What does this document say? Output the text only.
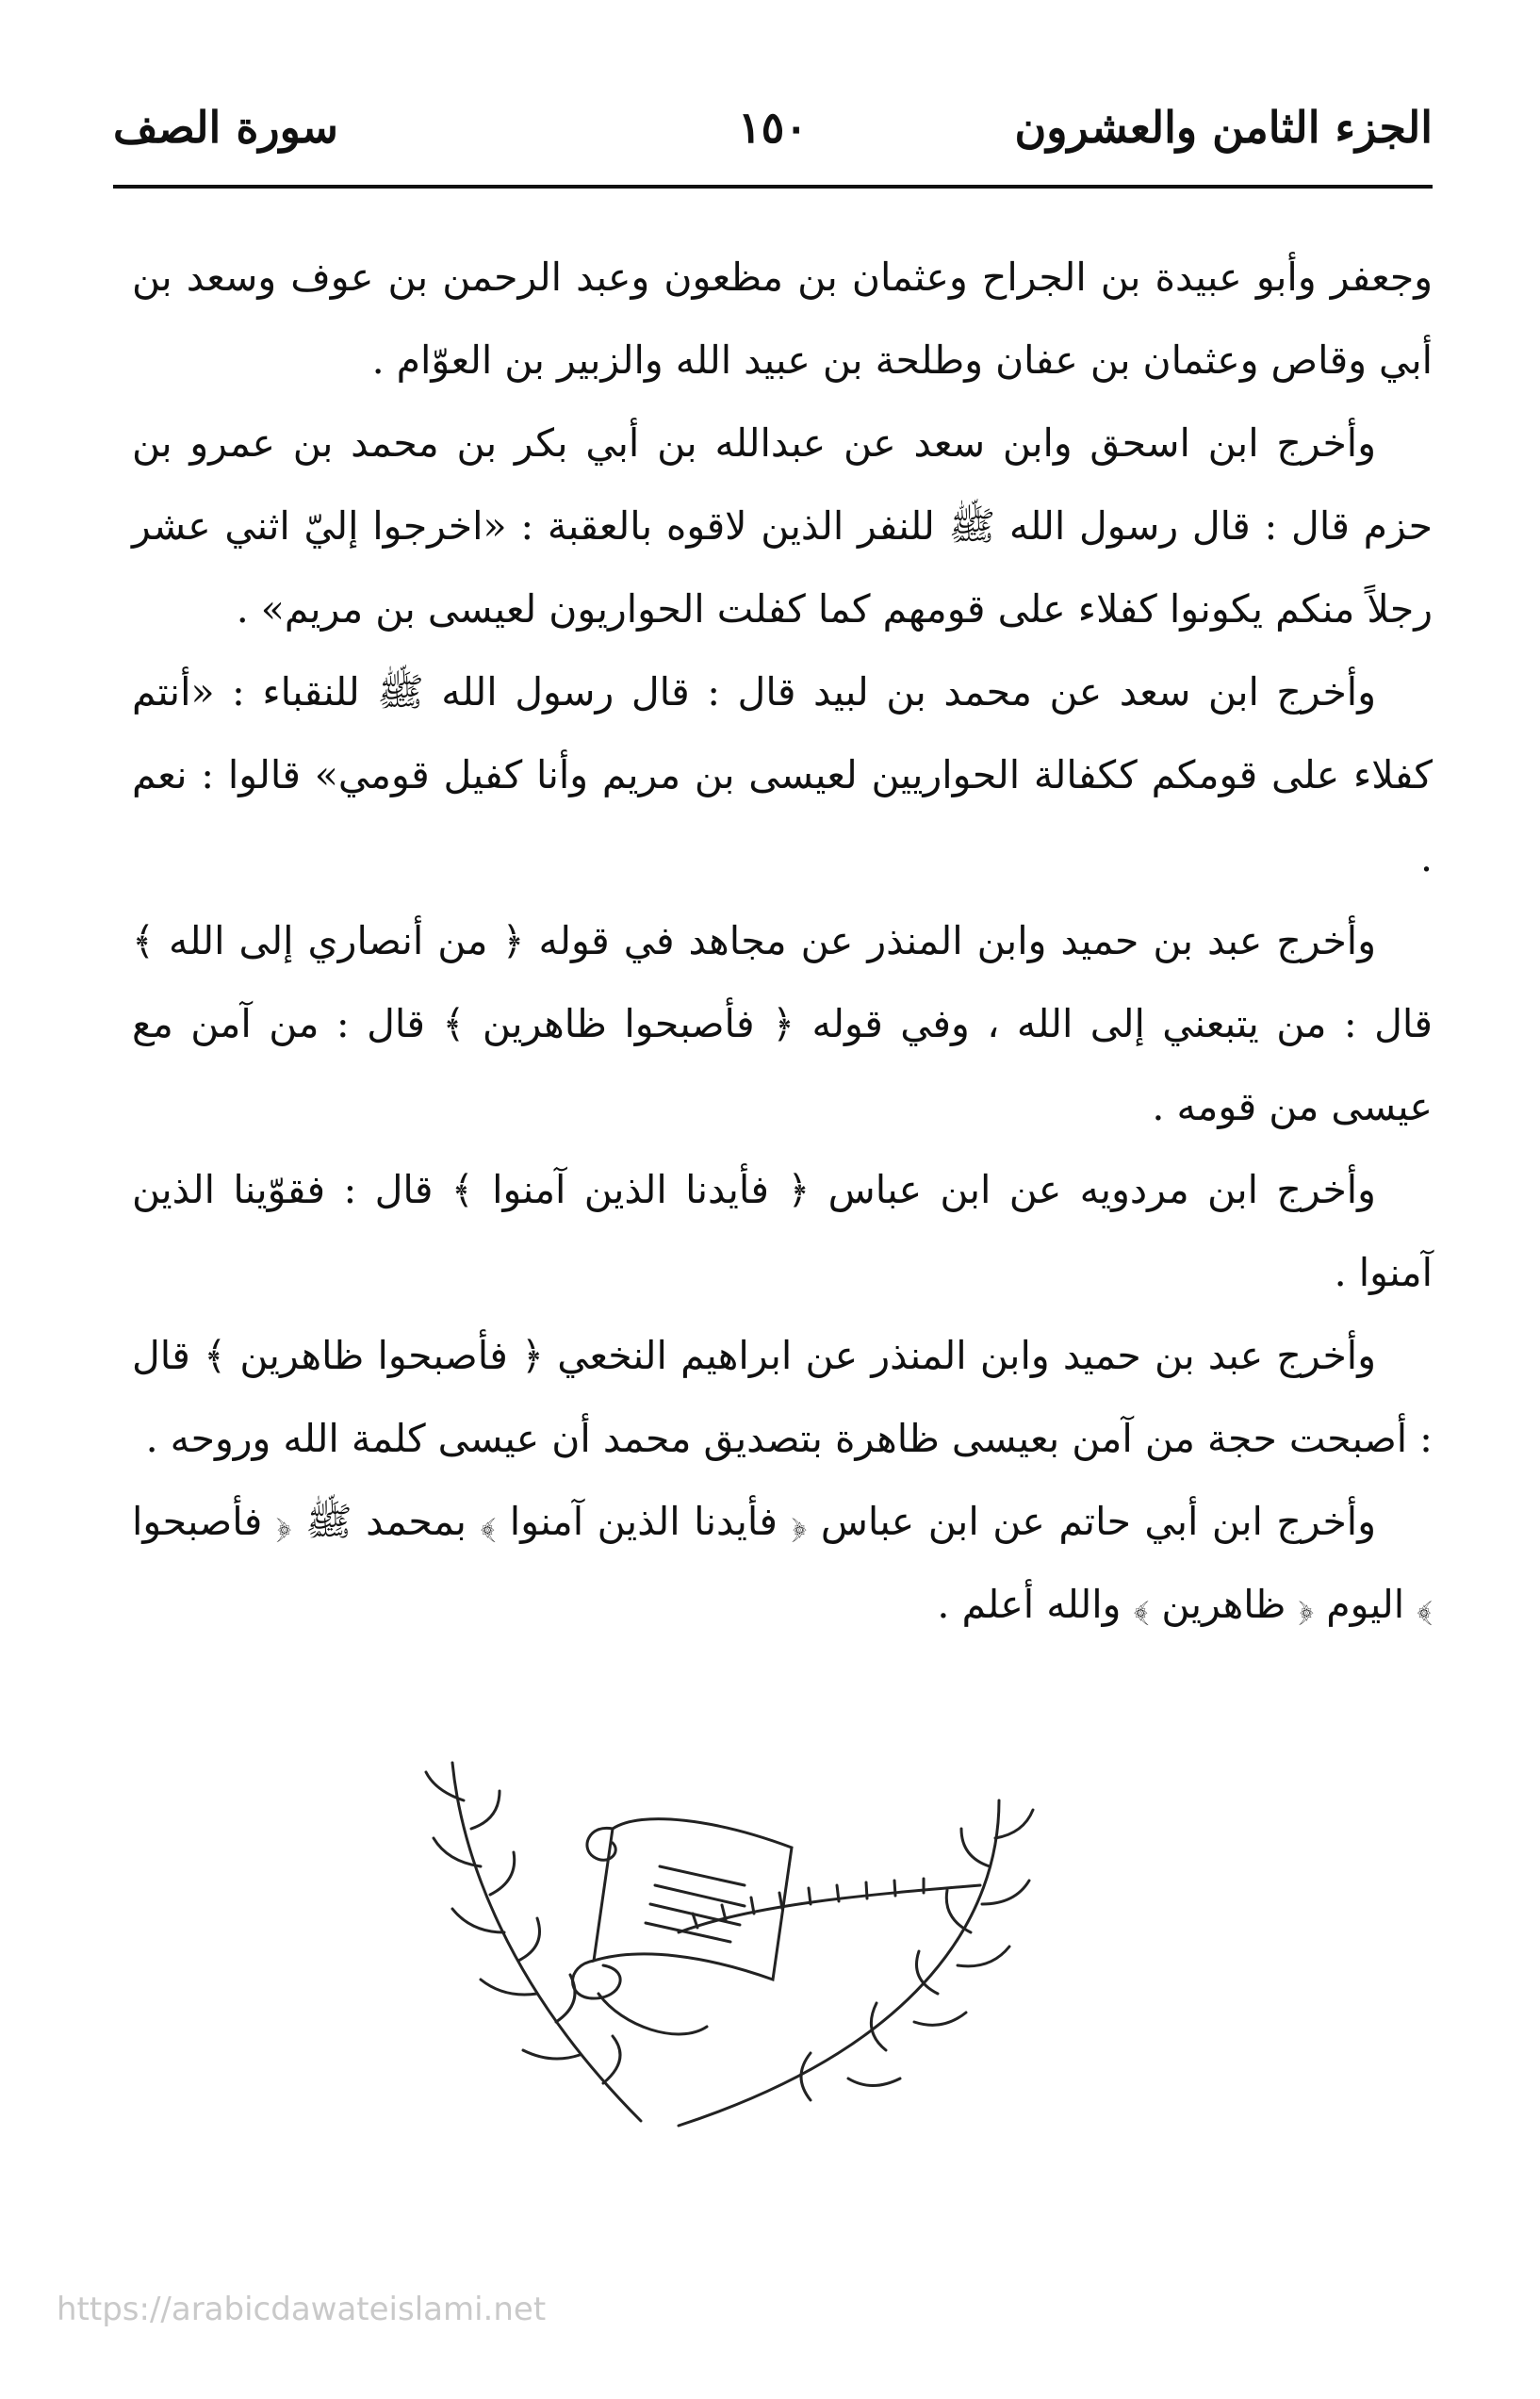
الجزء الثامن والعشرون
١٥٠
سورة الصف

وجعفر وأبو عبيدة بن الجراح وعثمان بن مظعون وعبد الرحمن بن عوف وسعد بن أبي وقاص وعثمان بن عفان وطلحة بن عبيد الله والزبير بن العوّام .

وأخرج ابن اسحق وابن سعد عن عبدالله بن أبي بكر بن محمد بن عمرو بن حزم قال : قال رسول الله ﷺ للنفر الذين لاقوه بالعقبة : «اخرجوا إليّ اثني عشر رجلاً منكم يكونوا كفلاء على قومهم كما كفلت الحواريون لعيسى بن مريم» .

وأخرج ابن سعد عن محمد بن لبيد قال : قال رسول الله ﷺ للنقباء : «أنتم كفلاء على قومكم ككفالة الحواريين لعيسى بن مريم وأنا كفيل قومي» قالوا : نعم .

وأخرج عبد بن حميد وابن المنذر عن مجاهد في قوله ﴿ من أنصاري إلى الله ﴾ قال : من يتبعني إلى الله ، وفي قوله ﴿ فأصبحوا ظاهرين ﴾ قال : من آمن مع عيسى من قومه .

وأخرج ابن مردويه عن ابن عباس ﴿ فأيدنا الذين آمنوا ﴾ قال : فقوّينا الذين آمنوا .

وأخرج عبد بن حميد وابن المنذر عن ابراهيم النخعي ﴿ فأصبحوا ظاهرين ﴾ قال : أصبحت حجة من آمن بعيسى ظاهرة بتصديق محمد أن عيسى كلمة الله وروحه .

وأخرج ابن أبي حاتم عن ابن عباس ﴿ فأيدنا الذين آمنوا ﴾ بمحمد ﷺ ﴿ فأصبحوا ﴾ اليوم ﴿ ظاهرين ﴾ والله أعلم .

https://arabicdawateislami.net
